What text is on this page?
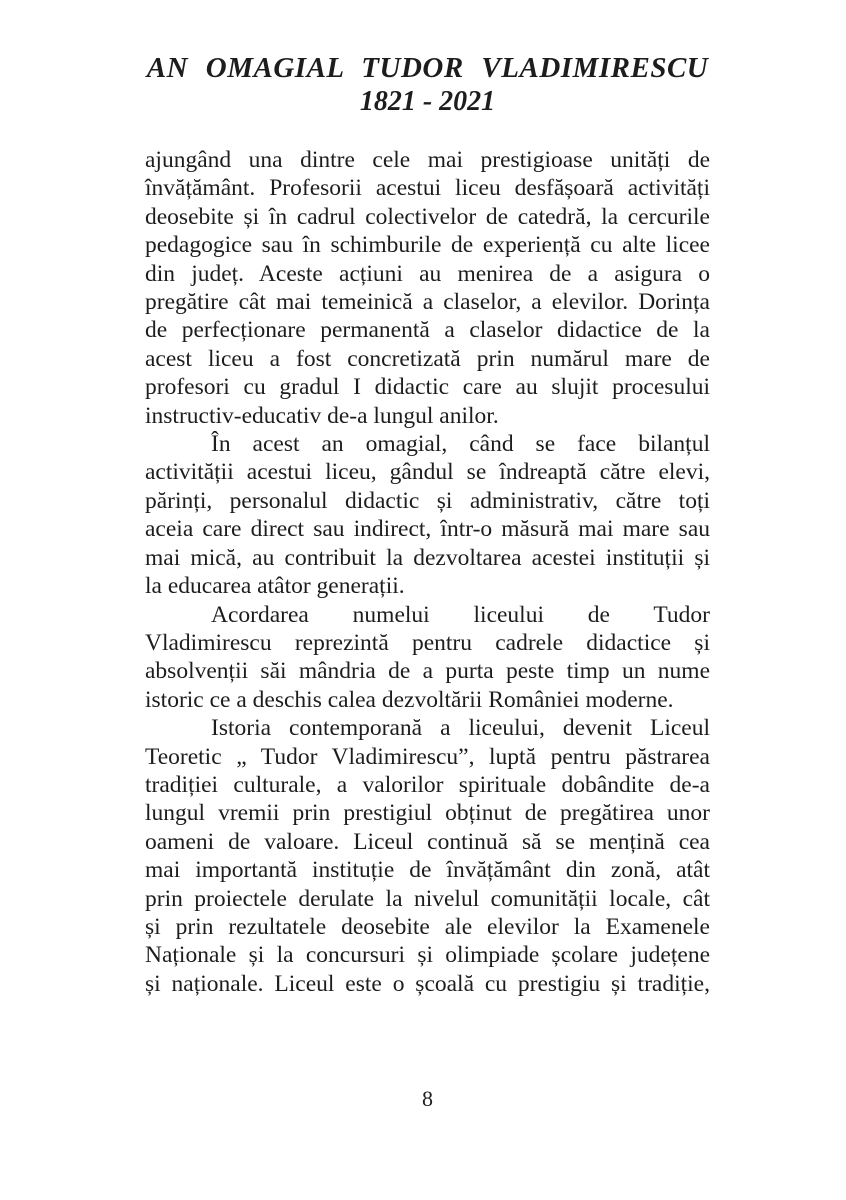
AN OMAGIAL TUDOR VLADIMIRESCU
1821 - 2021
ajungând una dintre cele mai prestigioase unități de
învățământ. Profesorii acestui liceu desfășoară activități
deosebite și în cadrul colectivelor de catedră, la cercurile
pedagogice sau în schimburile de experiență cu alte licee
din județ. Aceste acțiuni au menirea de a asigura o
pregătire cât mai temeinică a claselor, a elevilor. Dorința
de perfecționare permanentă a claselor didactice de la
acest liceu a fost concretizată prin numărul mare de
profesori cu gradul I didactic care au slujit procesului
instructiv-educativ de-a lungul anilor.
În acest an omagial, când se face bilanțul
activității acestui liceu, gândul se îndreaptă către elevi,
părinți, personalul didactic și administrativ, către toți
aceia care direct sau indirect, într-o măsură mai mare sau
mai mică, au contribuit la dezvoltarea acestei instituții și
la educarea atâtor generații.
Acordarea numelui liceului de Tudor
Vladimirescu reprezintă pentru cadrele didactice și
absolvenții săi mândria de a purta peste timp un nume
istoric ce a deschis calea dezvoltării României moderne.
Istoria contemporană a liceului, devenit Liceul
Teoretic „ Tudor Vladimirescu”, luptă pentru păstrarea
tradiției culturale, a valorilor spirituale dobândite de-a
lungul vremii prin prestigiul obținut de pregătirea unor
oameni de valoare. Liceul continuă să se mențină cea
mai importantă instituție de învățământ din zonă, atât
prin proiectele derulate la nivelul comunității locale, cât
și prin rezultatele deosebite ale elevilor la Examenele
Naționale și la concursuri și olimpiade școlare județene
și naționale. Liceul este o școală cu prestigiu și tradiție,
8
